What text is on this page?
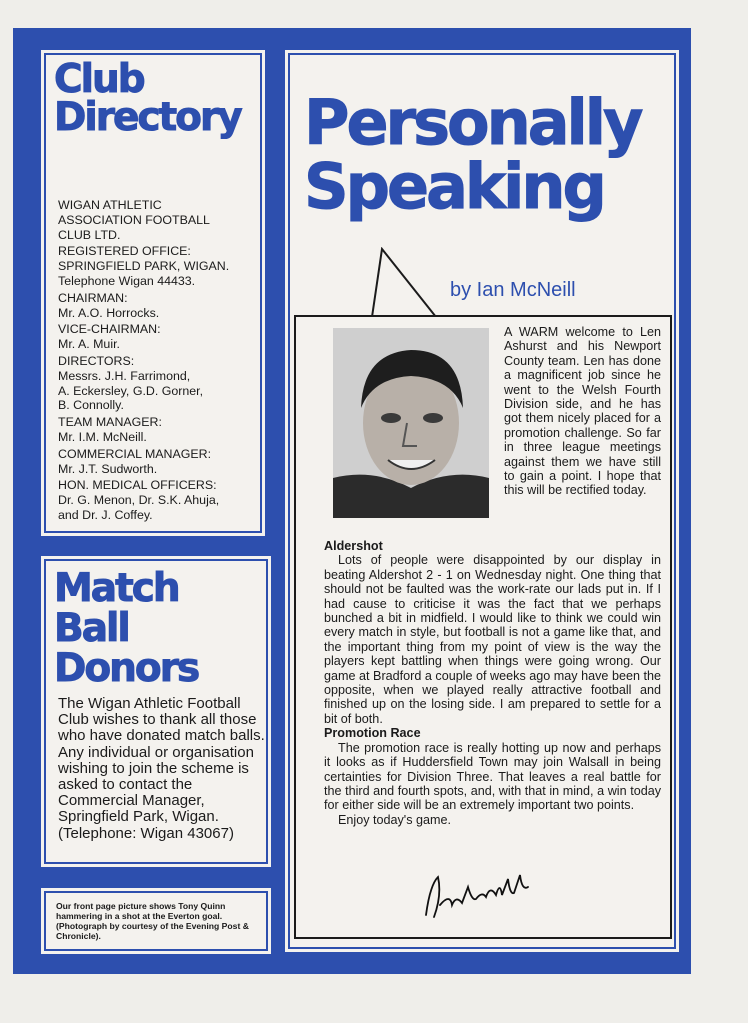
Club
Directory

WIGAN ATHLETIC
ASSOCIATION FOOTBALL
CLUB LTD.

REGISTERED OFFICE:
SPRINGFIELD PARK, WIGAN.
Telephone Wigan 44433.

CHAIRMAN:
Mr. A.O. Horrocks.

VICE-CHAIRMAN:
Mr. A. Muir.

DIRECTORS:
Messrs. J.H. Farrimond,
A. Eckersley, G.D. Gorner,
B. Connolly.

TEAM MANAGER:
Mr. I.M. McNeill.

COMMERCIAL MANAGER:
Mr. J.T. Sudworth.

HON. MEDICAL OFFICERS:
Dr. G. Menon, Dr. S.K. Ahuja,
and Dr. J. Coffey.

Match
Ball
Donors
The Wigan Athletic Football Club wishes to thank all those who have donated match balls. Any individual or organisation wishing to join the scheme is asked to contact the Commercial Manager, Springfield Park, Wigan. (Telephone: Wigan 43067)
Our front page picture shows Tony Quinn hammering in a shot at the Everton goal. (Photograph by courtesy of the Evening Post & Chronicle).
Personally
Speaking
by Ian McNeill
A WARM welcome to Len Ashurst and his Newport County team. Len has done a magnificent job since he went to the Welsh Fourth Division side, and he has got them nicely placed for a promotion challenge. So far in three league meetings against them we have still to gain a point. I hope that this will be rectified today.
Aldershot

Lots of people were disappointed by our display in beating Aldershot 2 - 1 on Wednesday night. One thing that should not be faulted was the work-rate our lads put in. If I had cause to criticise it was the fact that we perhaps bunched a bit in midfield. I would like to think we could win every match in style, but football is not a game like that, and the important thing from my point of view is the way the players kept battling when things were going wrong. Our game at Bradford a couple of weeks ago may have been the opposite, when we played really attractive football and finished up on the losing side. I am prepared to settle for a bit of both.

Promotion Race

The promotion race is really hotting up now and perhaps it looks as if Huddersfield Town may join Walsall in being certainties for Division Three. That leaves a real battle for the third and fourth spots, and, with that in mind, a win today for either side will be an extremely important two points.

Enjoy today's game.
